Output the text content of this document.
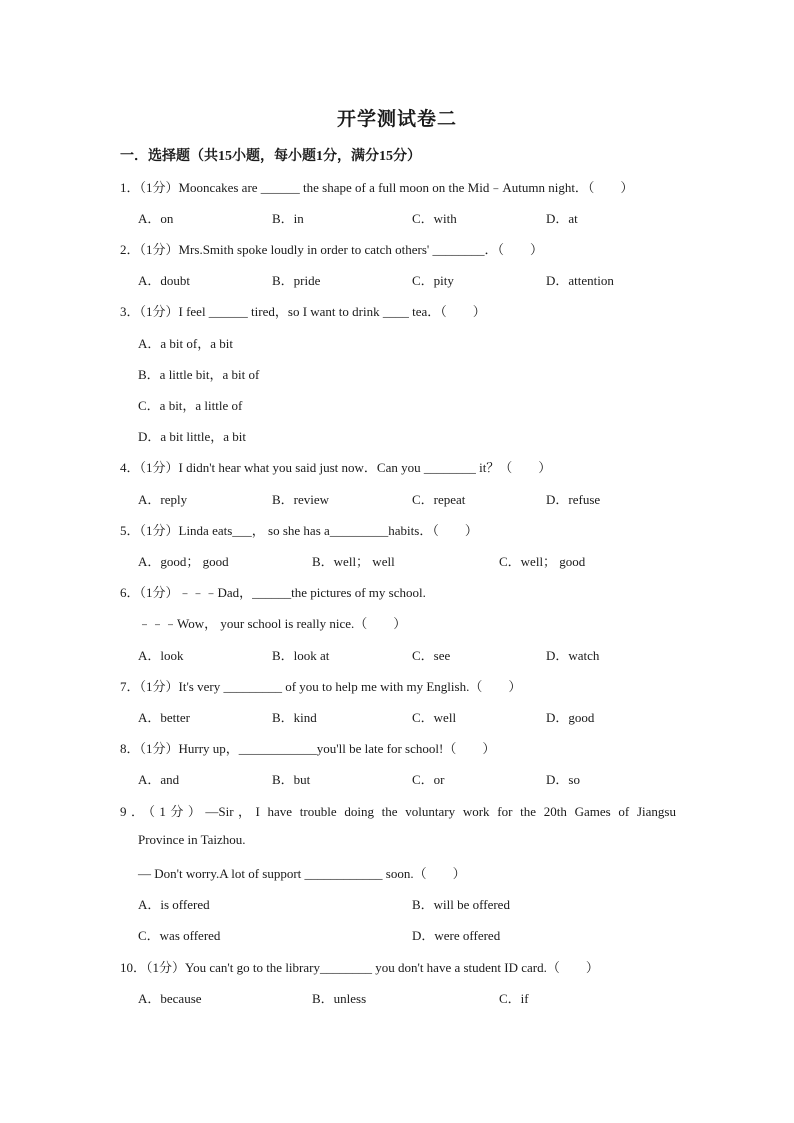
开学测试卷二
一．选择题（共15小题，每小题1分，满分15分）
1．（1分）Mooncakes are ______ the shape of a full moon on the Mid﹣Autumn night．（　　）
A．on	B．in	C．with	D．at
2．（1分）Mrs.Smith spoke loudly in order to catch others' ________．（　　）
A．doubt	B．pride	C．pity	D．attention
3．（1分）I feel ______ tired，so I want to drink ____ tea．（　　）
A．a bit of，a bit
B．a little bit，a bit of
C．a bit，a little of
D．a bit little，a bit
4．（1分）I didn't hear what you said just now．Can you ________ it？（　　）
A．reply	B．review	C．repeat	D．refuse
5．（1分）Linda eats___， so she has a_________habits．（　　）
A．good； good	B．well； well	C．well； good
6．（1分）﹣﹣﹣Dad，______the pictures of my school.
﹣﹣﹣Wow， your school is really nice.（　　）
A．look	B．look at	C．see	D．watch
7．（1分）It's very _________ of you to help me with my English.（　　）
A．better	B．kind	C．well	D．good
8．（1分）Hurry up，____________you'll be late for school!（　　）
A．and	B．but	C．or	D．so
9．（1分）—Sir，I have trouble doing the voluntary work for the 20th Games of Jiangsu
Province in Taizhou.
— Don't worry.A lot of support ____________ soon.（　　）
A．is offered	B．will be offered
C．was offered	D．were offered
10．（1分）You can't go to the library________ you don't have a student ID card.（　　）
A．because	B．unless	C．if
